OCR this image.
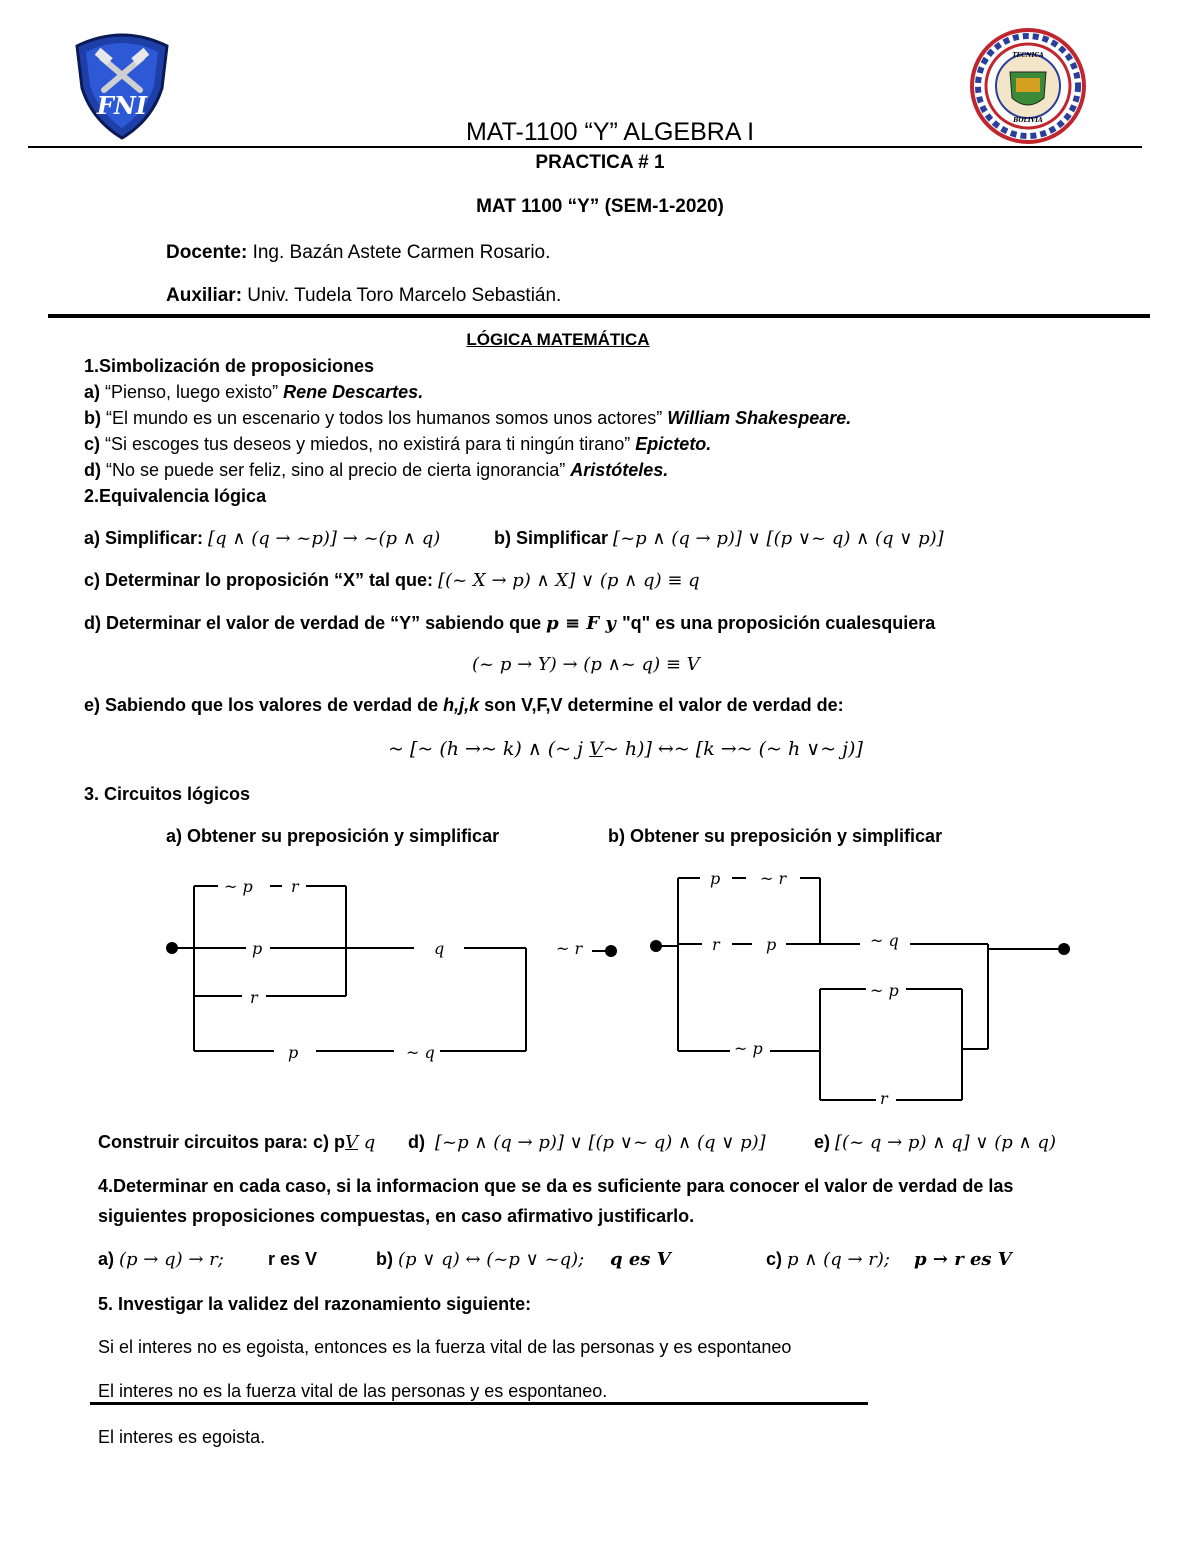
FNI
TECNICA
BOLIVIA
MAT-1100 “Y” ALGEBRA I
PRACTICA # 1
MAT 1100 “Y” (SEM-1-2020)
Docente: Ing. Bazán Astete Carmen Rosario.
Auxiliar: Univ. Tudela Toro Marcelo Sebastián.
LÓGICA MATEMÁTICA
1.Simbolización de proposiciones
a) “Pienso, luego existo” Rene Descartes.
b) “El mundo es un escenario y todos los humanos somos unos actores” William Shakespeare.
c) “Si escoges tus deseos y miedos, no existirá para ti ningún tirano” Epicteto.
d) “No se puede ser feliz, sino al precio de cierta ignorancia” Aristóteles.
2.Equivalencia lógica
a) Simplificar: [q ∧ (q → ~p)] → ~(p ∧ q)	b) Simplificar [~p ∧ (q → p)] ∨ [(p ∨~ q) ∧ (q ∨ p)]
c) Determinar lo proposición “X” tal que: [(~ X → p) ∧ X] ∨ (p ∧ q) ≡ q
d) Determinar el valor de verdad de “Y” sabiendo que p ≡ F y "q" es una proposición cualesquiera
(~ p → Y) → (p ∧~ q) ≡ V
e) Sabiendo que los valores de verdad de h,j,k son V,F,V determine el valor de verdad de:
~ [~ (h →~ k) ∧ (~ j V~ h)] ↔~ [k →~ (~ h ∨~ j)]
3. Circuitos lógicos
a) Obtener su preposición y simplificar	b) Obtener su preposición y simplificar
~ p r
p	q	~ r
r
p	~ q
p ~ r
r	p	~ q
~ p
~ p
r
Construir circuitos para: c) pV q d) [~p ∧ (q → p)] ∨ [(p ∨~ q) ∧ (q ∨ p)]	e) [(~ q → p) ∧ q] ∨ (p ∧ q)
4.Determinar en cada caso, si la informacion que se da es suficiente para conocer el valor de verdad de las
siguientes proposiciones compuestas, en caso afirmativo justificarlo.
a) (p → q) → r; r es V	b) (p ∨ q) ↔ (~p ∨ ~q); q es V	c) p ∧ (q → r); p → r es V
5. Investigar la validez del razonamiento siguiente:
Si el interes no es egoista, entonces es la fuerza vital de las personas y es espontaneo
El interes no es la fuerza vital de las personas y es espontaneo.
El interes es egoista.
